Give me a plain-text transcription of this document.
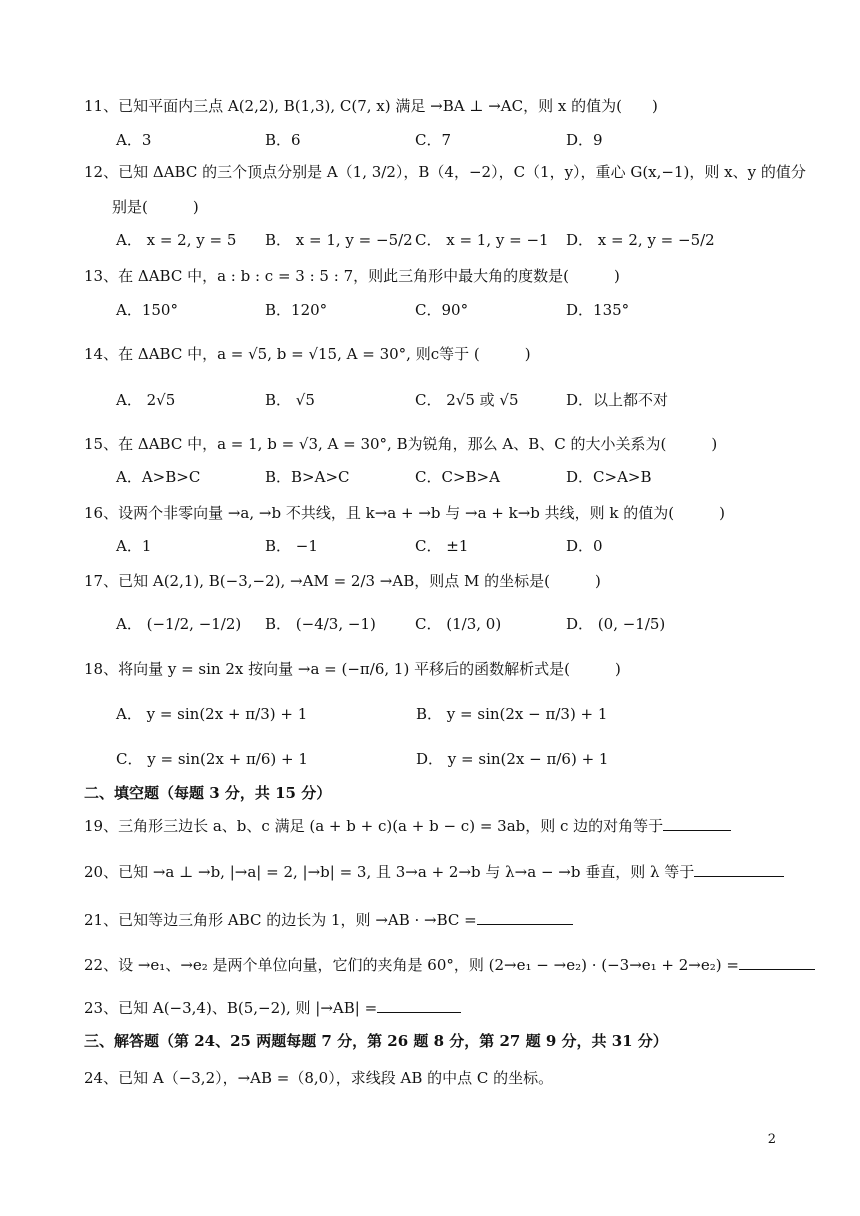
11、已知平面内三点 A(2,2), B(1,3), C(7, x) 满足 →BA ⊥ →AC，则 x 的值为(　　)
A．3	B．6	C．7	D．9
12、已知 ΔABC 的三个顶点分别是 A（1, 3/2），B（4，−2），C（1，y），重心 G(x,−1)，则 x、y 的值分
别是(　　　)
A． x = 2, y = 5 B． x = 1, y = −5/2 C． x = 1, y = −1 D． x = 2, y = −5/2
13、在 ΔABC 中，a : b : c = 3 : 5 : 7，则此三角形中最大角的度数是(　　　)
A．150°	B．120°	C．90°	D．135°
14、在 ΔABC 中，a = √5, b = √15, A = 30°, 则c等于 (　　　)
A． 2√5	B． √5	C． 2√5 或 √5	D．以上都不对
15、在 ΔABC 中，a = 1, b = √3, A = 30°, B为锐角，那么 A、B、C 的大小关系为(　　　)
A．A>B>C	B．B>A>C	C．C>B>A	D．C>A>B
16、设两个非零向量 →a, →b 不共线，且 k→a + →b 与 →a + k→b 共线，则 k 的值为(　　　)
A．1	B． −1	C． ±1	D．0
17、已知 A(2,1), B(−3,−2), →AM = 2/3 →AB，则点 M 的坐标是(　　　)
A． (−1/2, −1/2) B． (−4/3, −1)	C． (1/3, 0)	D． (0, −1/5)
18、将向量 y = sin 2x 按向量 →a = (−π/6, 1) 平移后的函数解析式是(　　　)
A． y = sin(2x + π/3) + 1	B． y = sin(2x − π/3) + 1
C． y = sin(2x + π/6) + 1	D． y = sin(2x − π/6) + 1
二、填空题（每题 3 分，共 15 分）
19、三角形三边长 a、b、c 满足 (a + b + c)(a + b − c) = 3ab，则 c 边的对角等于
20、已知 →a ⊥ →b, |→a| = 2, |→b| = 3, 且 3→a + 2→b 与 λ→a − →b 垂直，则 λ 等于
21、已知等边三角形 ABC 的边长为 1，则 →AB · →BC =
22、设 →e₁、→e₂ 是两个单位向量，它们的夹角是 60°，则 (2→e₁ − →e₂) · (−3→e₁ + 2→e₂) =
23、已知 A(−3,4)、B(5,−2), 则 |→AB| =
三、解答题（第 24、25 两题每题 7 分，第 26 题 8 分，第 27 题 9 分，共 31 分）
24、已知 A（−3,2），→AB =（8,0），求线段 AB 的中点 C 的坐标。
2
